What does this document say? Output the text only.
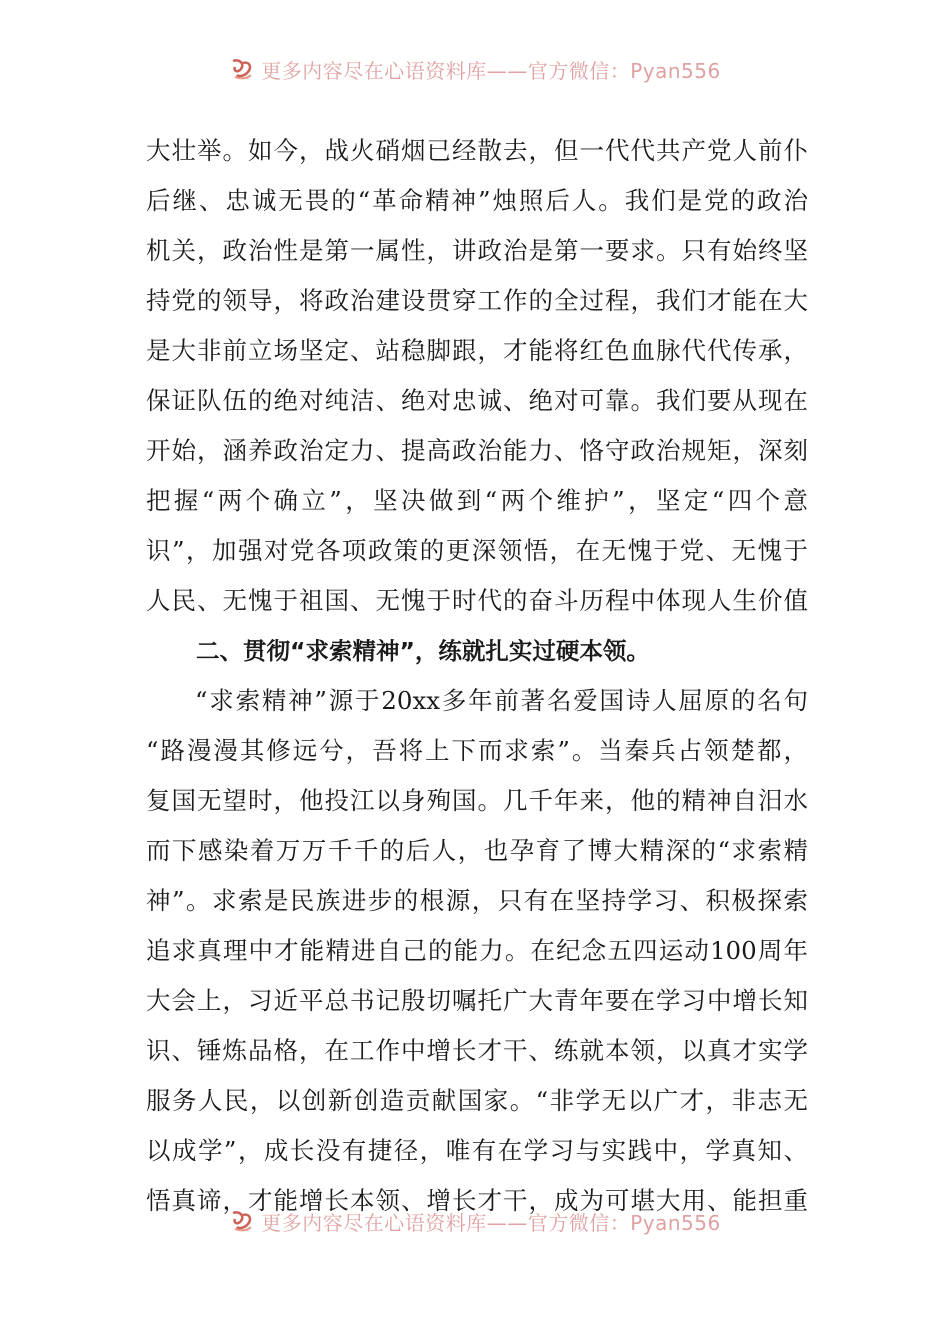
更多内容尽在心语资料库——官方微信：Pyan556
大壮举。如今，战火硝烟已经散去，但一代代共产党人前仆
后继、忠诚无畏的“革命精神”烛照后人。我们是党的政治
机关，政治性是第一属性，讲政治是第一要求。只有始终坚
持党的领导，将政治建设贯穿工作的全过程，我们才能在大
是大非前立场坚定、站稳脚跟，才能将红色血脉代代传承，
保证队伍的绝对纯洁、绝对忠诚、绝对可靠。我们要从现在
开始，涵养政治定力、提高政治能力、恪守政治规矩，深刻
把握“两个确立”，坚决做到“两个维护”，坚定“四个意
识”，加强对党各项政策的更深领悟，在无愧于党、无愧于
人民、无愧于祖国、无愧于时代的奋斗历程中体现人生价值
二、贯彻“求索精神”，练就扎实过硬本领。
“求索精神”源于20xx多年前著名爱国诗人屈原的名句
“路漫漫其修远兮，吾将上下而求索”。当秦兵占领楚都，
复国无望时，他投江以身殉国。几千年来，他的精神自汨水
而下感染着万万千千的后人，也孕育了博大精深的“求索精
神”。求索是民族进步的根源，只有在坚持学习、积极探索
追求真理中才能精进自己的能力。在纪念五四运动100周年
大会上，习近平总书记殷切嘱托广大青年要在学习中增长知
识、锤炼品格，在工作中增长才干、练就本领，以真才实学
服务人民，以创新创造贡献国家。“非学无以广才，非志无
以成学”，成长没有捷径，唯有在学习与实践中，学真知、
悟真谛，才能增长本领、增长才干，成为可堪大用、能担重
更多内容尽在心语资料库——官方微信：Pyan556
